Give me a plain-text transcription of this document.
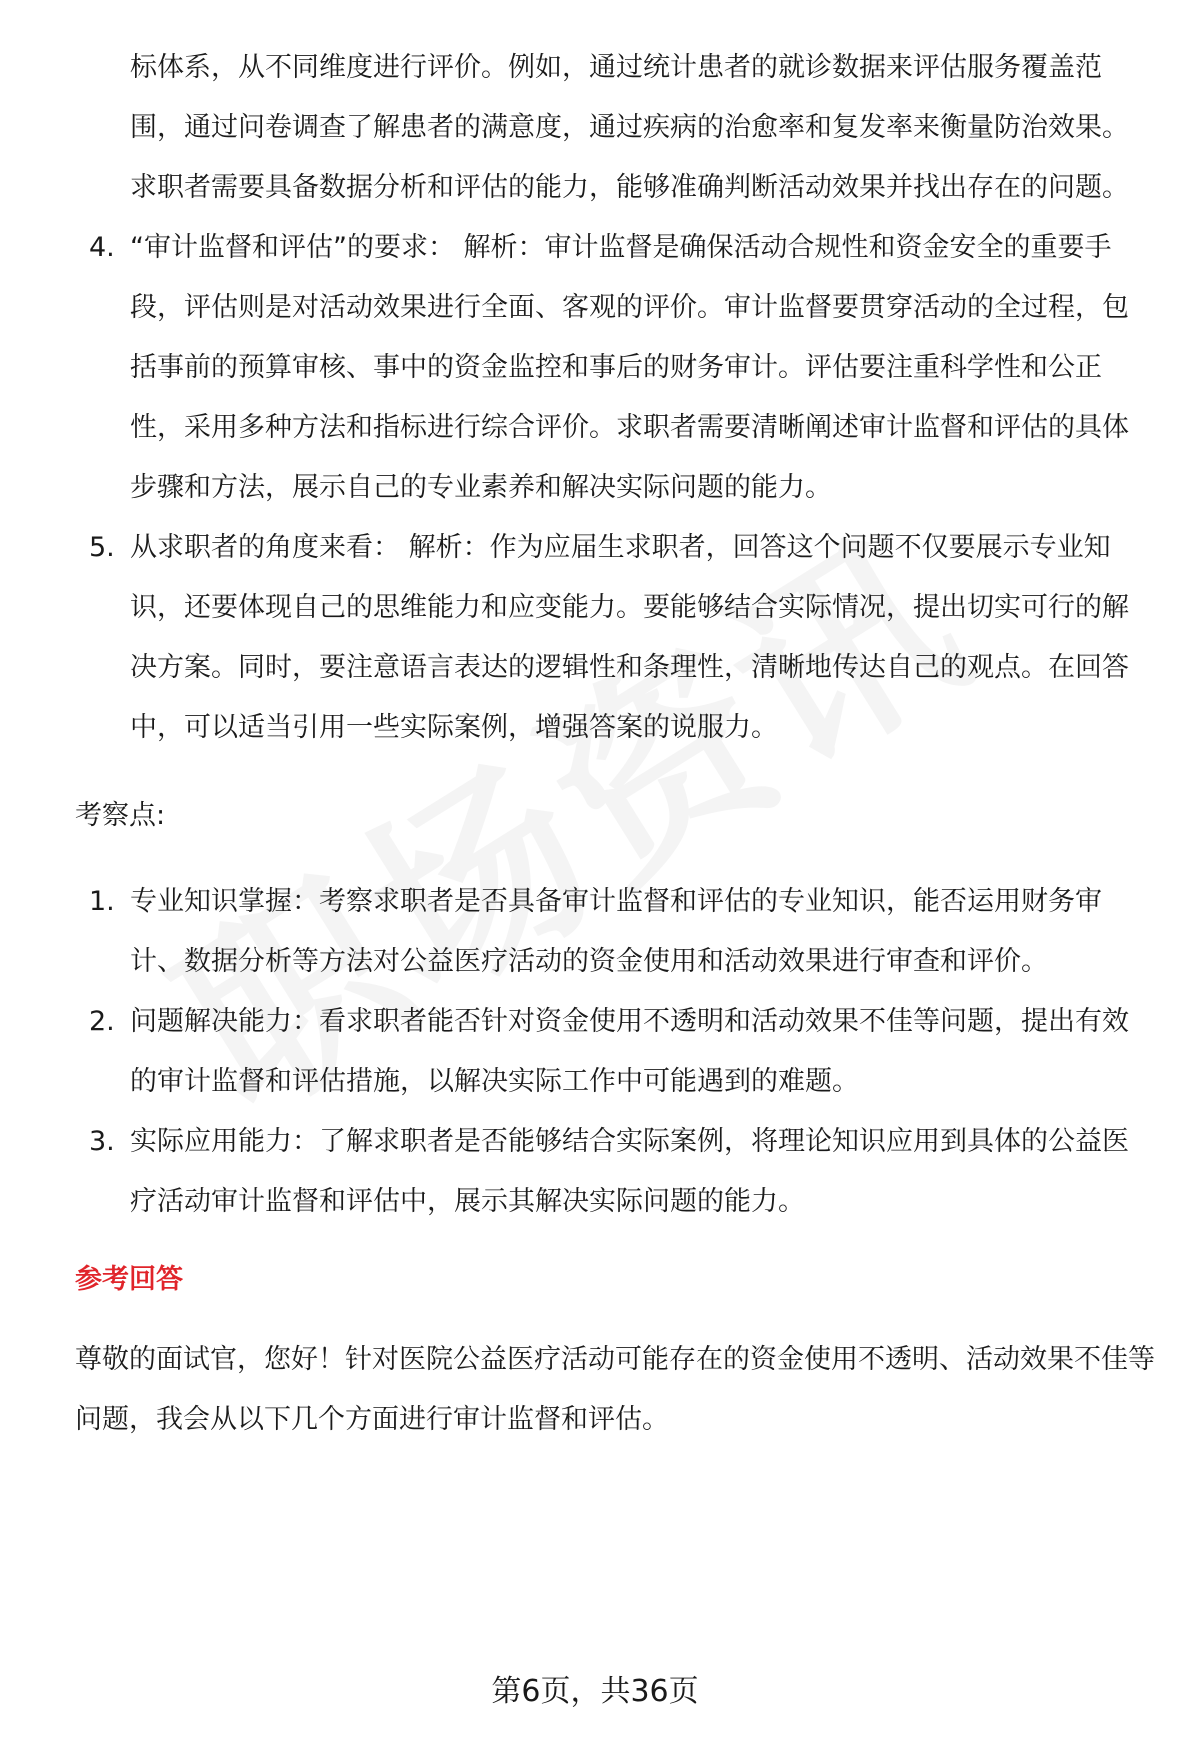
标体系，从不同维度进行评价。例如，通过统计患者的就诊数据来评估服务覆盖范围，通过问卷调查了解患者的满意度，通过疾病的治愈率和复发率来衡量防治效果。求职者需要具备数据分析和评估的能力，能够准确判断活动效果并找出存在的问题。

4. “审计监督和评估”的要求： 解析：审计监督是确保活动合规性和资金安全的重要手段，评估则是对活动效果进行全面、客观的评价。审计监督要贯穿活动的全过程，包括事前的预算审核、事中的资金监控和事后的财务审计。评估要注重科学性和公正性，采用多种方法和指标进行综合评价。求职者需要清晰阐述审计监督和评估的具体步骤和方法，展示自己的专业素养和解决实际问题的能力。
5. 从求职者的角度来看： 解析：作为应届生求职者，回答这个问题不仅要展示专业知识，还要体现自己的思维能力和应变能力。要能够结合实际情况，提出切实可行的解决方案。同时，要注意语言表达的逻辑性和条理性，清晰地传达自己的观点。在回答中，可以适当引用一些实际案例，增强答案的说服力。

考察点:

1. 专业知识掌握：考察求职者是否具备审计监督和评估的专业知识，能否运用财务审计、数据分析等方法对公益医疗活动的资金使用和活动效果进行审查和评价。
2. 问题解决能力：看求职者能否针对资金使用不透明和活动效果不佳等问题，提出有效的审计监督和评估措施，以解决实际工作中可能遇到的难题。
3. 实际应用能力：了解求职者是否能够结合实际案例，将理论知识应用到具体的公益医疗活动审计监督和评估中，展示其解决实际问题的能力。

参考回答

尊敬的面试官，您好！针对医院公益医疗活动可能存在的资金使用不透明、活动效果不佳等问题，我会从以下几个方面进行审计监督和评估。

第6页，共36页
